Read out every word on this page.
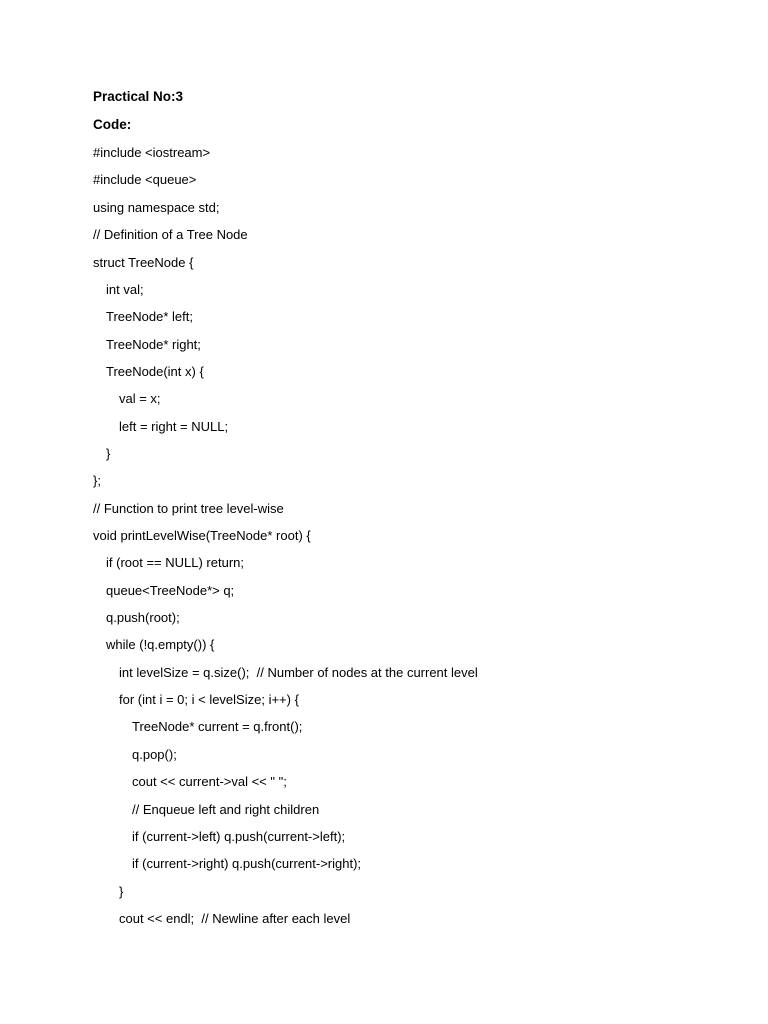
Practical No:3
Code:
#include <iostream>
#include <queue>
using namespace std;
// Definition of a Tree Node
struct TreeNode {
int val;
TreeNode* left;
TreeNode* right;
TreeNode(int x) {
val = x;
left = right = NULL;
}
};
// Function to print tree level-wise
void printLevelWise(TreeNode* root) {
if (root == NULL) return;
queue<TreeNode*> q;
q.push(root);
while (!q.empty()) {
int levelSize = q.size();  // Number of nodes at the current level
for (int i = 0; i < levelSize; i++) {
TreeNode* current = q.front();
q.pop();
cout << current->val << " ";
// Enqueue left and right children
if (current->left) q.push(current->left);
if (current->right) q.push(current->right);
}
cout << endl;  // Newline after each level
